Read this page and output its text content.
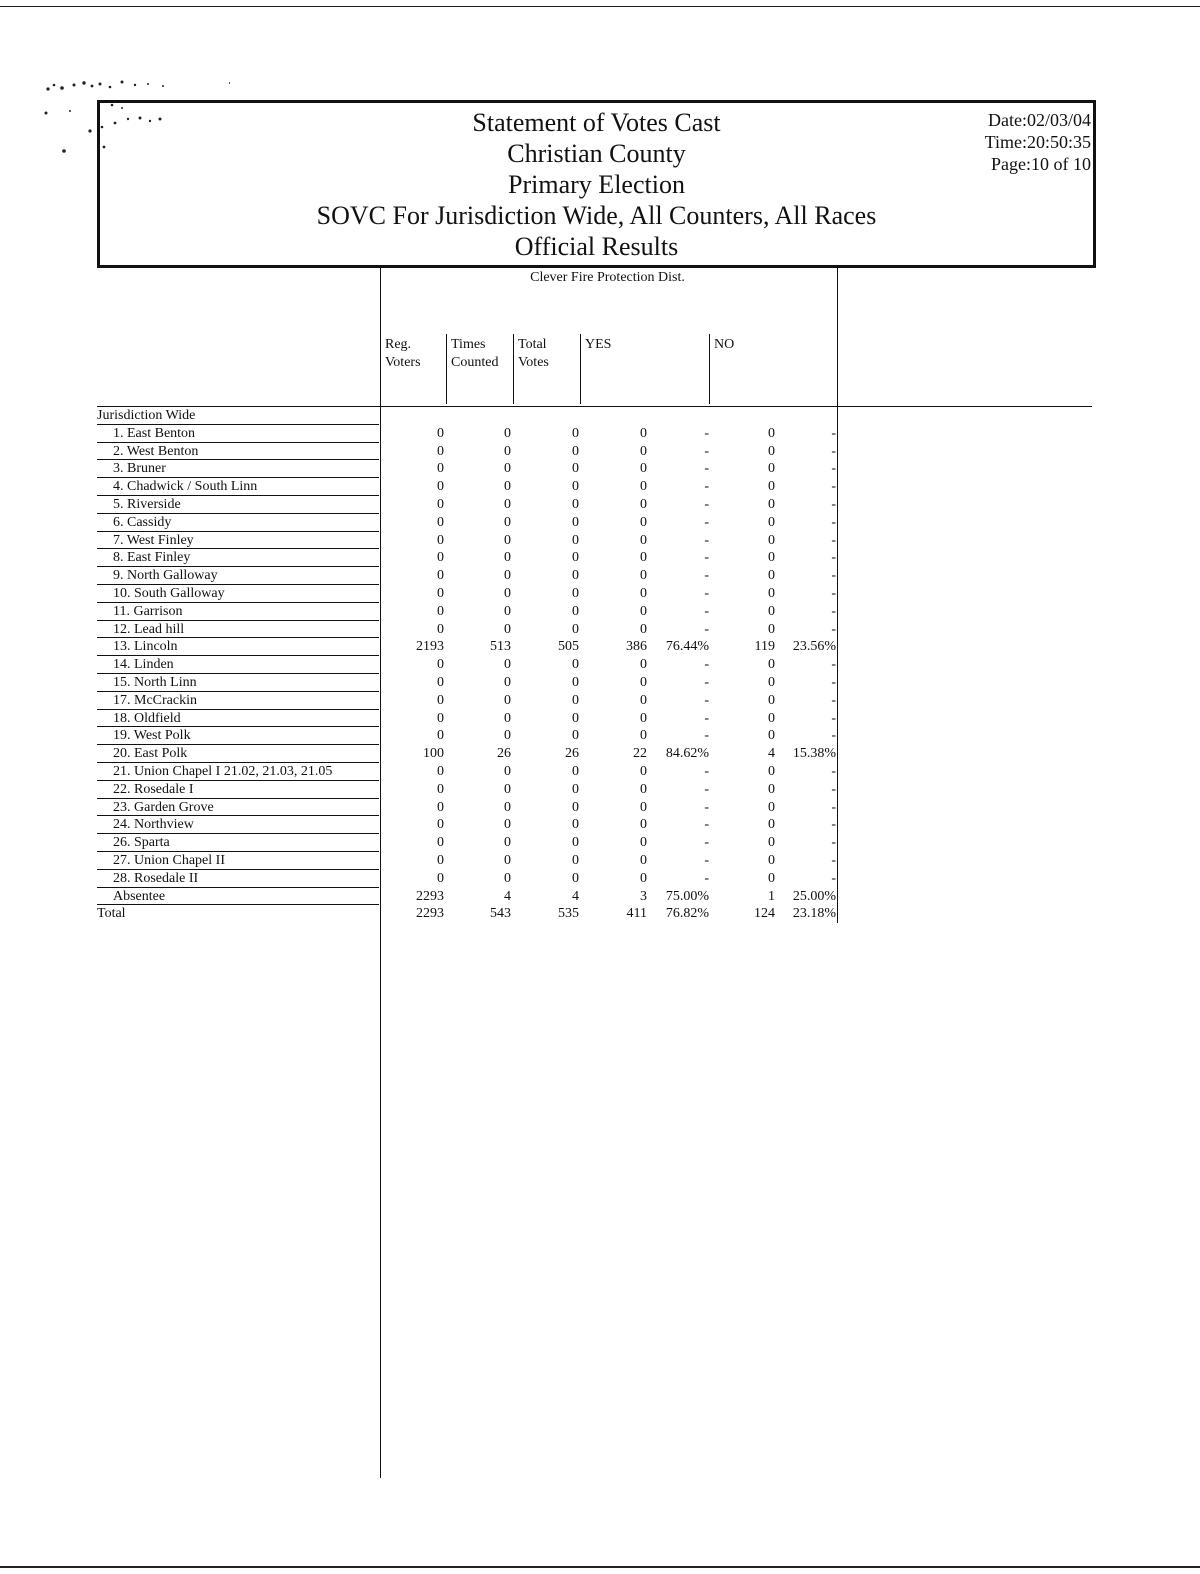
Statement of Votes Cast
Christian County
Primary Election
SOVC For Jurisdiction Wide, All Counters, All Races
Official Results
Date:02/03/04
Time:20:50:35
Page:10 of 10
Clever Fire Protection Dist.
Reg.
Voters
Times
Counted
Total
Votes
YES	NO
Jurisdiction Wide
1. East Benton	0	0	0	0	-	0	-
2. West Benton	0	0	0	0	-	0	-
3. Bruner	0	0	0	0	-	0	-
4. Chadwick / South Linn	0	0	0	0	-	0	-
5. Riverside	0	0	0	0	-	0	-
6. Cassidy	0	0	0	0	-	0	-
7. West Finley	0	0	0	0	-	0	-
8. East Finley	0	0	0	0	-	0	-
9. North Galloway	0	0	0	0	-	0	-
10. South Galloway	0	0	0	0	-	0	-
11. Garrison	0	0	0	0	-	0	-
12. Lead hill	0	0	0	0	-	0	-
13. Lincoln	2193	513	505	386	76.44%	119	23.56%
14. Linden	0	0	0	0	-	0	-
15. North Linn	0	0	0	0	-	0	-
17. McCrackin	0	0	0	0	-	0	-
18. Oldfield	0	0	0	0	-	0	-
19. West Polk	0	0	0	0	-	0	-
20. East Polk	100	26	26	22	84.62%	4	15.38%
21. Union Chapel I 21.02, 21.03, 21.05	0	0	0	0	-	0	-
22. Rosedale I	0	0	0	0	-	0	-
23. Garden Grove	0	0	0	0	-	0	-
24. Northview	0	0	0	0	-	0	-
26. Sparta	0	0	0	0	-	0	-
27. Union Chapel II	0	0	0	0	-	0	-
28. Rosedale II	0	0	0	0	-	0	-
Absentee	2293	4	4	3	75.00%	1	25.00%
Total	2293	543	535	411	76.82%	124	23.18%
